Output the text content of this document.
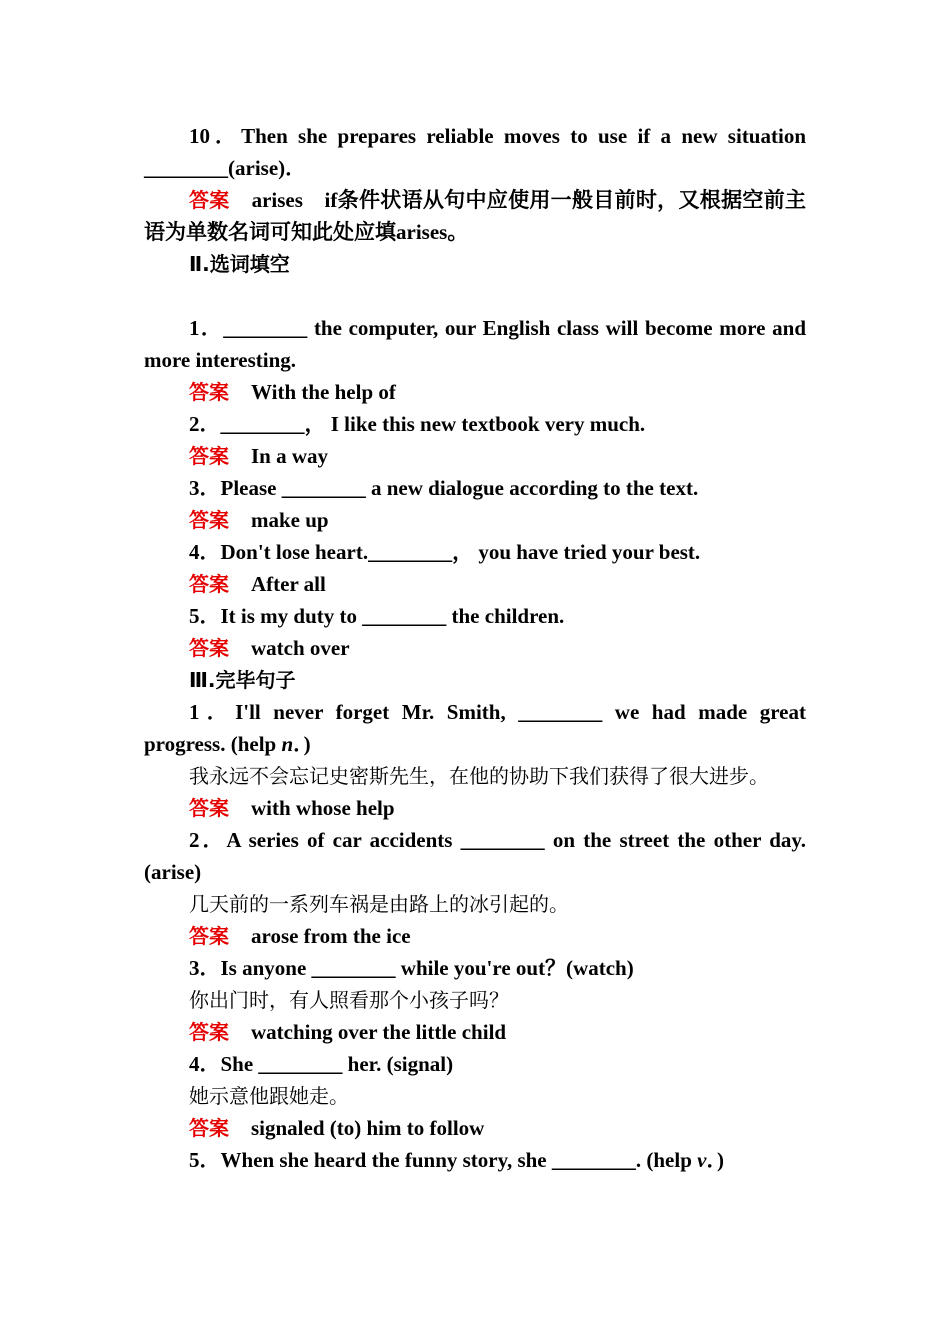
10．Then she prepares reliable moves to use if a new situation

________(arise)．

答案 arises　if条件状语从句中应使用一般目前时，又根据空前主语为单数名词可知此处应填arises。

Ⅱ.选词填空

1．________ the computer, our English class will become more and more interesting.

答案 With the help of

2．________， I like this new textbook very much.

答案 In a way

3．Please ________ a new dialogue according to the text.

答案 make up

4．Don't lose heart.________， you have tried your best.

答案 After all

5．It is my duty to ________ the children.

答案 watch over

Ⅲ.完毕句子

1．I'll never forget Mr. Smith, ________ we had made great progress. (help n．)

我永远不会忘记史密斯先生，在他的协助下我们获得了很大进步。

答案 with whose help

2．A series of car accidents ________ on the street the other day. (arise)

几天前的一系列车祸是由路上的冰引起的。

答案 arose from the ice

3．Is anyone ________ while you're out？(watch)

你出门时，有人照看那个小孩子吗？

答案 watching over the little child

4．She ________ her. (signal)

她示意他跟她走。

答案 signaled (to) him to follow

5．When she heard the funny story, she ________. (help v．)
